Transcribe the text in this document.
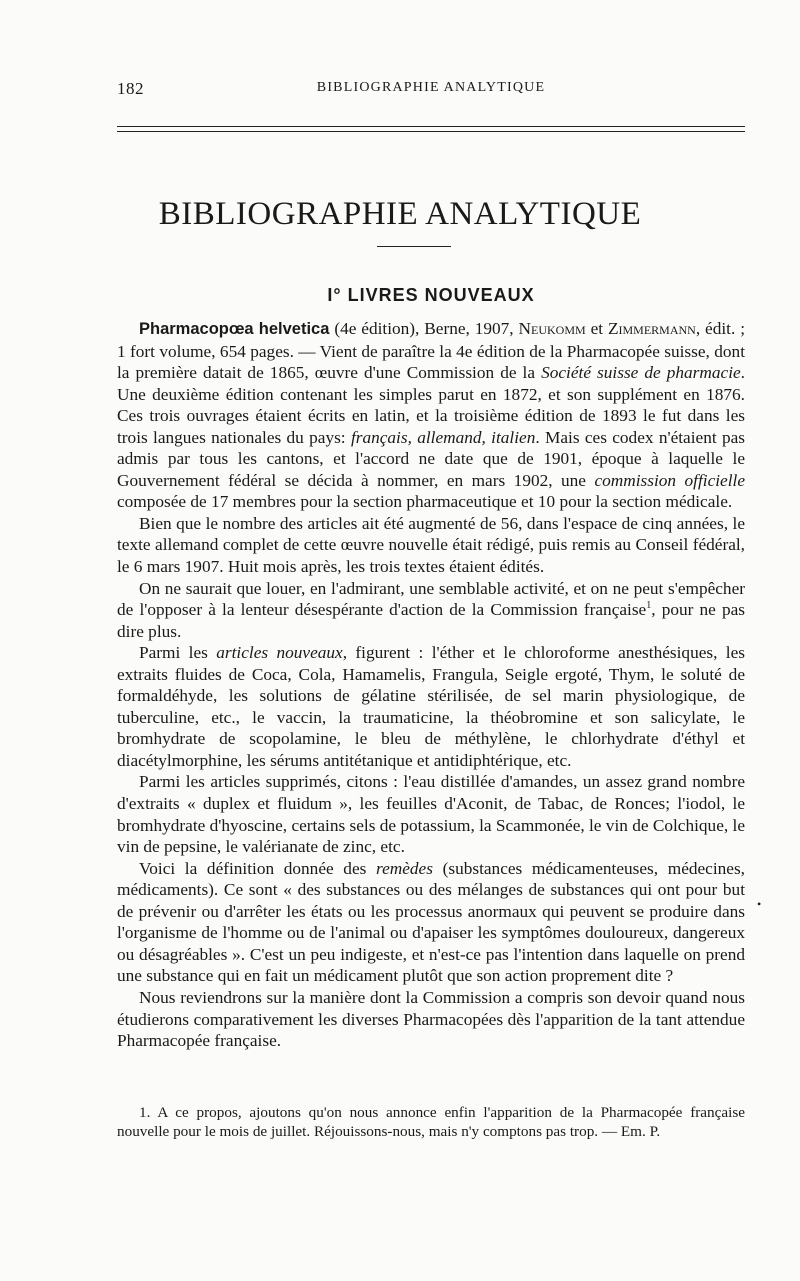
182	BIBLIOGRAPHIE ANALYTIQUE
BIBLIOGRAPHIE ANALYTIQUE
I° LIVRES NOUVEAUX

Pharmacopœa helvetica (4e édition), Berne, 1907, Neukomm et Zimmermann, édit. ; 1 fort volume, 654 pages. — Vient de paraître la 4e édition de la Pharmacopée suisse, dont la première datait de 1865, œuvre d'une Commission de la Société suisse de pharmacie. Une deuxième édition contenant les simples parut en 1872, et son supplément en 1876. Ces trois ouvrages étaient écrits en latin, et la troisième édition de 1893 le fut dans les trois langues nationales du pays: français, allemand, italien. Mais ces codex n'étaient pas admis par tous les cantons, et l'accord ne date que de 1901, époque à laquelle le Gouvernement fédéral se décida à nommer, en mars 1902, une commission officielle composée de 17 membres pour la section pharmaceutique et 10 pour la section médicale.

Bien que le nombre des articles ait été augmenté de 56, dans l'espace de cinq années, le texte allemand complet de cette œuvre nouvelle était rédigé, puis remis au Conseil fédéral, le 6 mars 1907. Huit mois après, les trois textes étaient édités.

On ne saurait que louer, en l'admirant, une semblable activité, et on ne peut s'empêcher de l'opposer à la lenteur désespérante d'action de la Commission française$^1$, pour ne pas dire plus.

Parmi les articles nouveaux, figurent : l'éther et le chloroforme anesthésiques, les extraits fluides de Coca, Cola, Hamamelis, Frangula, Seigle ergoté, Thym, le soluté de formaldéhyde, les solutions de gélatine stérilisée, de sel marin physiologique, de tuberculine, etc., le vaccin, la traumaticine, la théobromine et son salicylate, le bromhydrate de scopolamine, le bleu de méthylène, le chlorhydrate d'éthyl et diacétylmorphine, les sérums antitétanique et antidiphtérique, etc.

Parmi les articles supprimés, citons : l'eau distillée d'amandes, un assez grand nombre d'extraits « duplex et fluidum », les feuilles d'Aconit, de Tabac, de Ronces; l'iodol, le bromhydrate d'hyoscine, certains sels de potassium, la Scammonée, le vin de Colchique, le vin de pepsine, le valérianate de zinc, etc.

Voici la définition donnée des remèdes (substances médicamenteuses, médecines, médicaments). Ce sont « des substances ou des mélanges de substances qui ont pour but de prévenir ou d'arrêter les états ou les processus anormaux qui peuvent se produire dans l'organisme de l'homme ou de l'animal ou d'apaiser les symptômes douloureux, dangereux ou désagréables ». C'est un peu indigeste, et n'est-ce pas l'intention dans laquelle on prend une substance qui en fait un médicament plutôt que son action proprement dite ?

Nous reviendrons sur la manière dont la Commission a compris son devoir quand nous étudierons comparativement les diverses Pharmacopées dès l'apparition de la tant attendue Pharmacopée française.

•

1. A ce propos, ajoutons qu'on nous annonce enfin l'apparition de la Pharmacopée française nouvelle pour le mois de juillet. Réjouissons-nous, mais n'y comptons pas trop. — Em. P.
